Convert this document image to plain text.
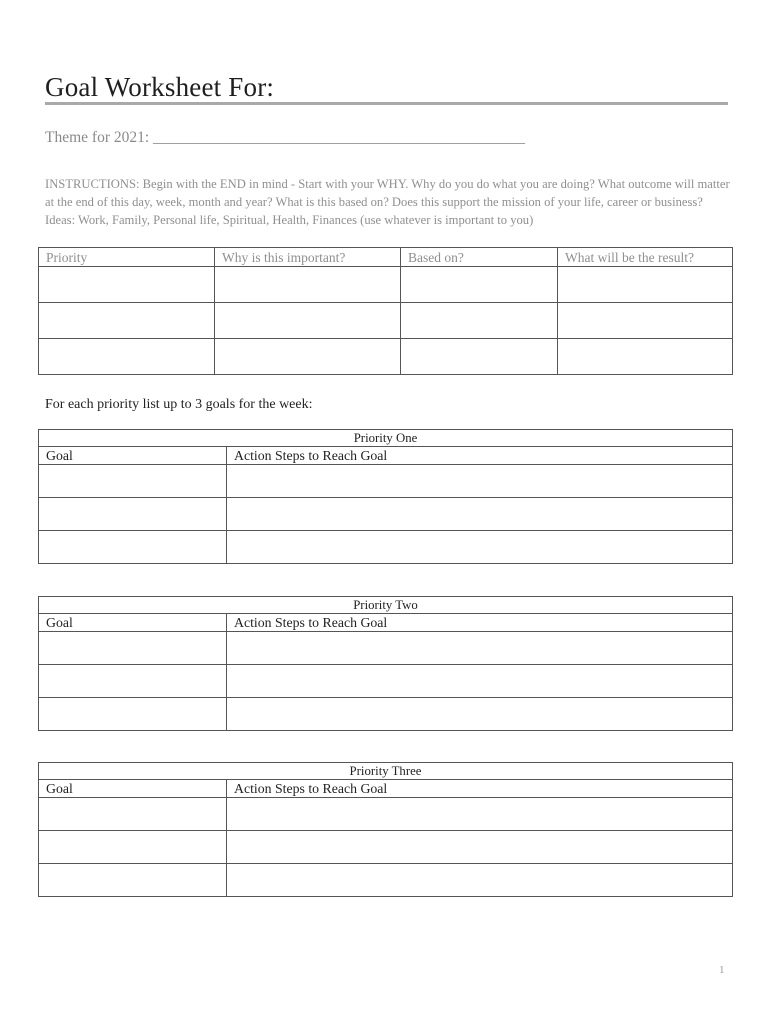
Goal Worksheet For:
Theme for 2021: ________________________________________________
INSTRUCTIONS: Begin with the END in mind - Start with your WHY. Why do you do what you are doing? What outcome will matter at the end of this day, week, month and year? What is this based on? Does this support the mission of your life, career or business? Ideas: Work, Family, Personal life, Spiritual, Health, Finances (use whatever is important to you)
Priority	Why is this important?	Based on?	What will be the result?

For each priority list up to 3 goals for the week:
Priority One	
Goal	Action Steps to Reach Goal

Priority Two	
Goal	Action Steps to Reach Goal

Priority Three	
Goal	Action Steps to Reach Goal

1
